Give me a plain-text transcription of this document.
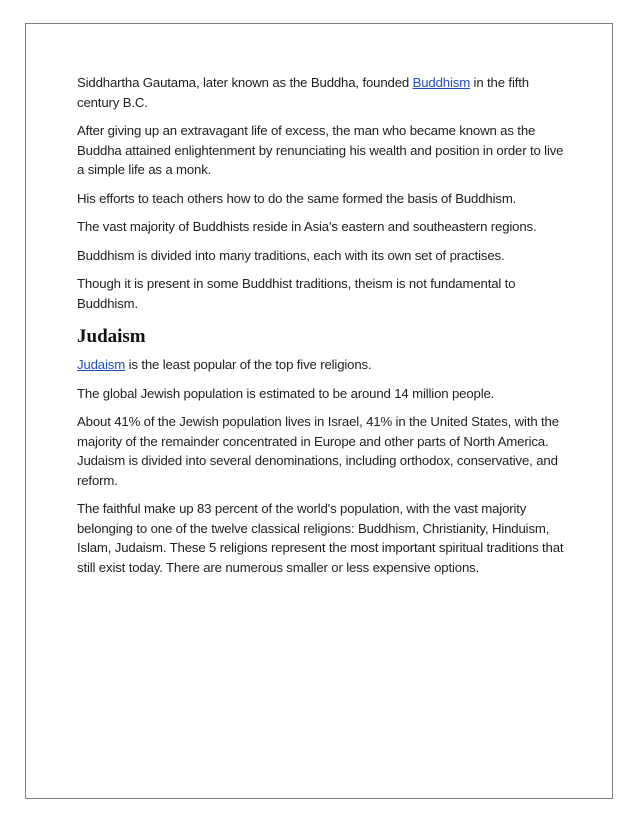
Siddhartha Gautama, later known as the Buddha, founded Buddhism in the fifth century B.C.

After giving up an extravagant life of excess, the man who became known as the Buddha attained enlightenment by renunciating his wealth and position in order to live a simple life as a monk.

His efforts to teach others how to do the same formed the basis of Buddhism.

The vast majority of Buddhists reside in Asia's eastern and southeastern regions.

Buddhism is divided into many traditions, each with its own set of practises.

Though it is present in some Buddhist traditions, theism is not fundamental to Buddhism.

Judaism

Judaism is the least popular of the top five religions.

The global Jewish population is estimated to be around 14 million people.

About 41% of the Jewish population lives in Israel, 41% in the United States, with the majority of the remainder concentrated in Europe and other parts of North America. Judaism is divided into several denominations, including orthodox, conservative, and reform.

The faithful make up 83 percent of the world's population, with the vast majority belonging to one of the twelve classical religions: Buddhism, Christianity, Hinduism, Islam, Judaism. These 5 religions represent the most important spiritual traditions that still exist today. There are numerous smaller or less expensive options.
